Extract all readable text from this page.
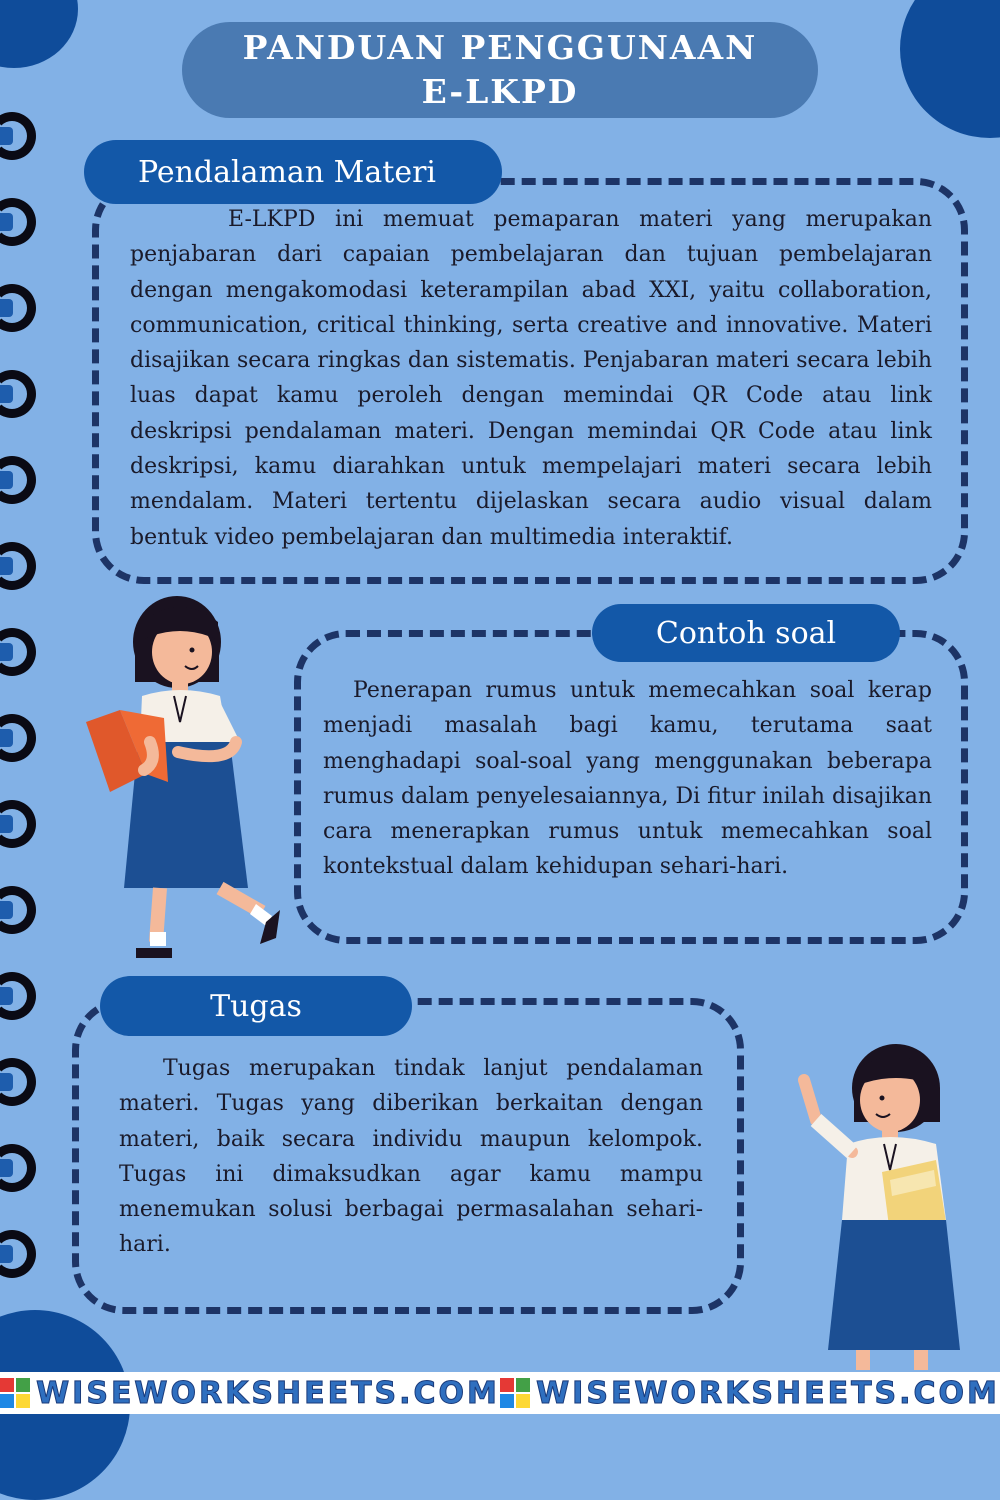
PANDUAN PENGGUNAAN
E-LKPD
Pendalaman Materi

E-LKPD ini memuat pemaparan materi yang merupakan penjabaran dari capaian pembelajaran dan tujuan pembelajaran dengan mengakomodasi keterampilan abad XXI, yaitu collaboration, communication, critical thinking, serta creative and innovative. Materi disajikan secara ringkas dan sistematis. Penjabaran materi secara lebih luas dapat kamu peroleh dengan memindai QR Code atau link deskripsi pendalaman materi. Dengan memindai QR Code atau link deskripsi, kamu diarahkan untuk mempelajari materi secara lebih mendalam. Materi tertentu dijelaskan secara audio visual dalam bentuk video pembelajaran dan multimedia interaktif.

Contoh soal

Penerapan rumus untuk memecahkan soal kerap menjadi masalah bagi kamu, terutama saat menghadapi soal-soal yang menggunakan beberapa rumus dalam penyelesaiannya, Di fitur inilah disajikan cara menerapkan rumus untuk memecahkan soal kontekstual dalam kehidupan sehari-hari.

Tugas

Tugas merupakan tindak lanjut pendalaman materi. Tugas yang diberikan berkaitan dengan materi, baik secara individu maupun kelompok. Tugas ini dimaksudkan agar kamu mampu menemukan solusi berbagai permasalahan sehari-hari.

WISEWORKSHEETS.COM WISEWORKSHEETS.COM
